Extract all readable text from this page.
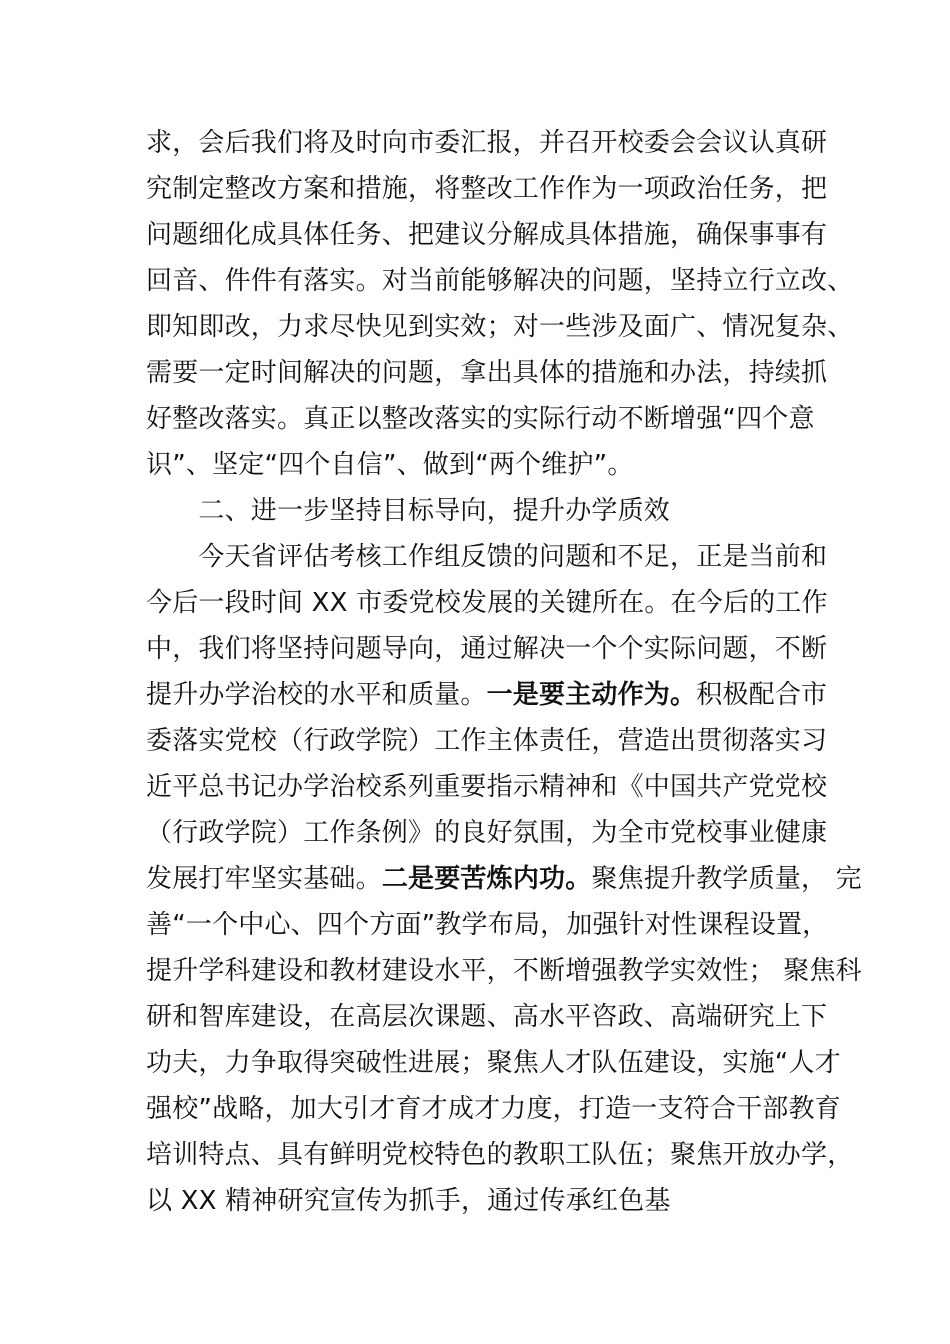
求，会后我们将及时向市委汇报，并召开校委会会议认真研
究制定整改方案和措施，将整改工作作为一项政治任务，把
问题细化成具体任务、把建议分解成具体措施，确保事事有
回音、件件有落实。对当前能够解决的问题，坚持立行立改、
即知即改，力求尽快见到实效；对一些涉及面广、情况复杂、
需要一定时间解决的问题，拿出具体的措施和办法，持续抓
好整改落实。真正以整改落实的实际行动不断增强“四个意
识”、坚定“四个自信”、做到“两个维护”。
　　二、进一步坚持目标导向，提升办学质效
　　今天省评估考核工作组反馈的问题和不足，正是当前和
今后一段时间 XX 市委党校发展的关键所在。在今后的工作
中，我们将坚持问题导向，通过解决一个个实际问题，不断
提升办学治校的水平和质量。一是要主动作为。积极配合市
委落实党校（行政学院）工作主体责任，营造出贯彻落实习
近平总书记办学治校系列重要指示精神和《中国共产党党校
（行政学院）工作条例》的良好氛围，为全市党校事业健康
发展打牢坚实基础。二是要苦炼内功。聚焦提升教学质量， 完
善“一个中心、四个方面”教学布局，加强针对性课程设置，
提升学科建设和教材建设水平，不断增强教学实效性； 聚焦科
研和智库建设，在高层次课题、高水平咨政、高端研究上下
功夫，力争取得突破性进展；聚焦人才队伍建设，实施“人才
强校”战略，加大引才育才成才力度，打造一支符合干部教育
培训特点、具有鲜明党校特色的教职工队伍；聚焦开放办学，
以 XX 精神研究宣传为抓手，通过传承红色基
